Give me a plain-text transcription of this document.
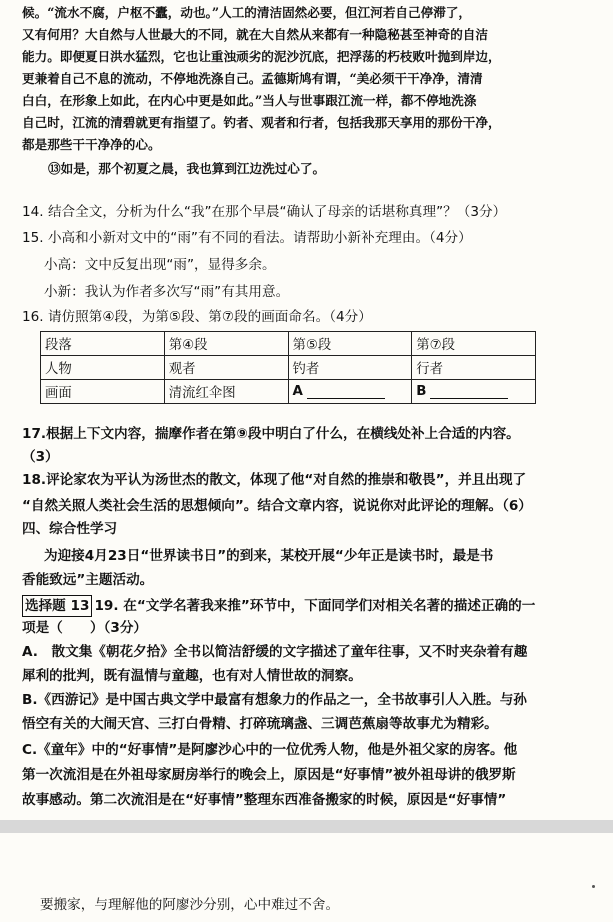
候。“流水不腐，户枢不蠹，动也。”人工的清洁固然必要，但江河若自己停滞了，
又有何用？大自然与人世最大的不同，就在大自然从来都有一种隐秘甚至神奇的自洁
能力。即便夏日洪水猛烈，它也让重浊顽劣的泥沙沉底，把浮荡的朽枝败叶抛到岸边，
更兼着自己不息的流动，不停地洗涤自己。孟德斯鸠有谓，“美必须干干净净，清清
白白，在形象上如此，在内心中更是如此。”当人与世事跟江流一样，都不停地洗涤
自己时，江流的清碧就更有指望了。钓者、观者和行者，包括我那天享用的那份干净，
都是那些干干净净的心。
⑬如是，那个初夏之晨，我也算到江边洗过心了。
14. 结合全文，分析为什么“我”在那个早晨“确认了母亲的话堪称真理”？（3分）
15. 小高和小新对文中的“雨”有不同的看法。请帮助小新补充理由。（4分）
小高：文中反复出现“雨”，显得多余。
小新：我认为作者多次写“雨”有其用意。
16. 请仿照第④段，为第⑤段、第⑦段的画面命名。（4分）
段落	第④段	第⑤段	第⑦段
人物	观者	钓者	行者
画面	清流红伞图	A	B
17.根据上下文内容，揣摩作者在第⑨段中明白了什么，在横线处补上合适的内容。
（3）
18.评论家农为平认为汤世杰的散文，体现了他“对自然的推崇和敬畏”，并且出现了
“自然关照人类社会生活的思想倾向”。结合文章内容，说说你对此评论的理解。（6）
四、综合性学习
为迎接4月23日“世界读书日”的到来，某校开展“少年正是读书时，最是书
香能致远”主题活动。
选择题 13 19. 在“文学名著我来推”环节中，下面同学们对相关名著的描述正确的一
项是（　　）（3分）
A.　散文集《朝花夕拾》全书以简洁舒缓的文字描述了童年往事，又不时夹杂着有趣
犀利的批判，既有温情与童趣，也有对人情世故的洞察。
B.《西游记》是中国古典文学中最富有想象力的作品之一，全书故事引人入胜。与孙
悟空有关的大闹天宫、三打白骨精、打碎琉璃盏、三调芭蕉扇等故事尤为精彩。
C.《童年》中的“好事情”是阿廖沙心中的一位优秀人物，他是外祖父家的房客。他
第一次流泪是在外祖母家厨房举行的晚会上，原因是“好事情”被外祖母讲的俄罗斯
故事感动。第二次流泪是在“好事情”整理东西准备搬家的时候，原因是“好事情”
要搬家，与理解他的阿廖沙分别，心中难过不舍。
